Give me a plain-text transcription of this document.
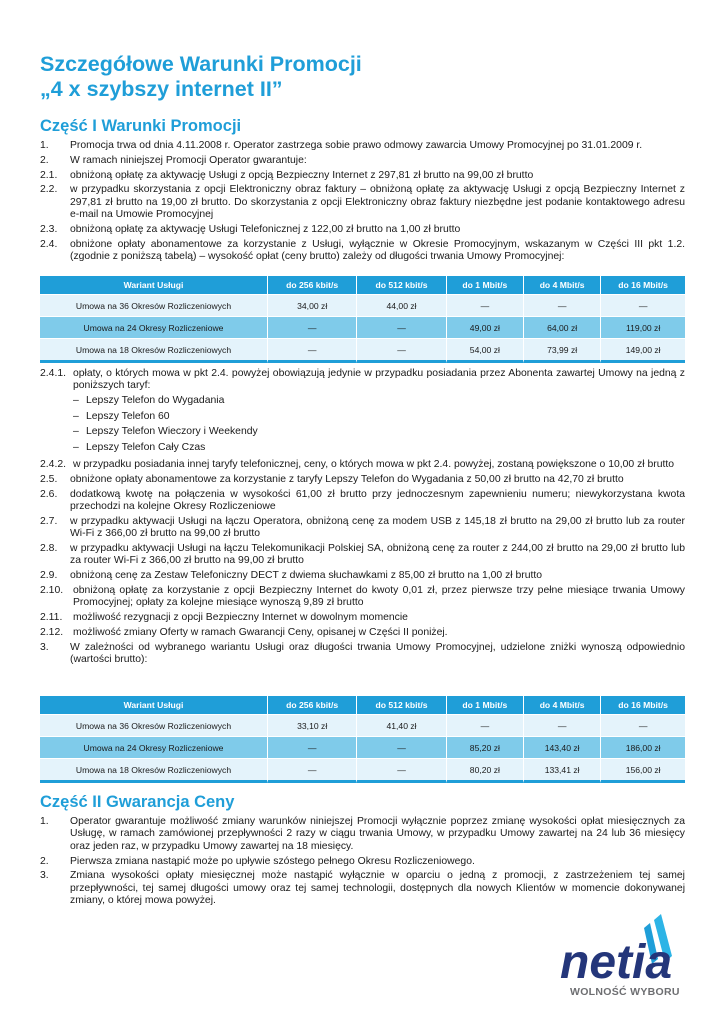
Szczegółowe Warunki Promocji
„4 x szybszy internet II”
Część I Warunki Promocji
1.	Promocja trwa od dnia 4.11.2008 r. Operator zastrzega sobie prawo odmowy zawarcia Umowy Promocyjnej po 31.01.2009 r.
2.	W ramach niniejszej Promocji Operator gwarantuje:
2.1.	obniżoną opłatę za aktywację Usługi z opcją Bezpieczny Internet z 297,81 zł brutto na 99,00 zł brutto
2.2.	w przypadku skorzystania z opcji Elektroniczny obraz faktury – obniżoną opłatę za aktywację Usługi z opcją Bezpieczny Internet z 297,81 zł brutto na 19,00 zł brutto. Do skorzystania z opcji Elektroniczny obraz faktury niezbędne jest podanie kontaktowego adresu e-mail na Umowie Promocyjnej
2.3.	obniżoną opłatę za aktywację Usługi Telefonicznej z 122,00 zł brutto na 1,00 zł brutto
2.4.	obniżone opłaty abonamentowe za korzystanie z Usługi, wyłącznie w Okresie Promocyjnym, wskazanym w Części III pkt 1.2. (zgodnie z poniższą tabelą) – wysokość opłat (ceny brutto) zależy od długości trwania Umowy Promocyjnej:
Wariant Usługi	do 256 kbit/s	do 512 kbit/s	do 1 Mbit/s	do 4 Mbit/s	do 16 Mbit/s
Umowa na 36 Okresów Rozliczeniowych	34,00 zł	44,00 zł	—	—	—
Umowa na 24 Okresy Rozliczeniowe	—	—	49,00 zł	64,00 zł	119,00 zł
Umowa na 18 Okresów Rozliczeniowych	—	—	54,00 zł	73,99 zł	149,00 zł
2.4.1. opłaty, o których mowa w pkt 2.4. powyżej obowiązują jedynie w przypadku posiadania przez Abonenta zawartej Umowy na jedną z poniższych taryf:
– Lepszy Telefon do Wygadania
– Lepszy Telefon 60
– Lepszy Telefon Wieczory i Weekendy
– Lepszy Telefon Cały Czas
2.4.2. w przypadku posiadania innej taryfy telefonicznej, ceny, o których mowa w pkt 2.4. powyżej, zostaną powiększone o 10,00 zł brutto
2.5.	obniżone opłaty abonamentowe za korzystanie z taryfy Lepszy Telefon do Wygadania z 50,00 zł brutto na 42,70 zł brutto
2.6.	dodatkową kwotę na połączenia w wysokości 61,00 zł brutto przy jednoczesnym zapewnieniu numeru; niewykorzystana kwota przechodzi na kolejne Okresy Rozliczeniowe
2.7.	w przypadku aktywacji Usługi na łączu Operatora, obniżoną cenę za modem USB z 145,18 zł brutto na 29,00 zł brutto lub za router Wi-Fi z 366,00 zł brutto na 99,00 zł brutto
2.8.	w przypadku aktywacji Usługi na łączu Telekomunikacji Polskiej SA, obniżoną cenę za router z 244,00 zł brutto na 29,00 zł brutto lub za router Wi-Fi z 366,00 zł brutto na 99,00 zł brutto
2.9.	obniżoną cenę za Zestaw Telefoniczny DECT z dwiema słuchawkami z 85,00 zł brutto na 1,00 zł brutto
2.10. obniżoną opłatę za korzystanie z opcji Bezpieczny Internet do kwoty 0,01 zł, przez pierwsze trzy pełne miesiące trwania Umowy Promocyjnej; opłaty za kolejne miesiące wynoszą 9,89 zł brutto
2.11.	możliwość rezygnacji z opcji Bezpieczny Internet w dowolnym momencie
2.12. możliwość zmiany Oferty w ramach Gwarancji Ceny, opisanej w Części II poniżej.
3.	W zależności od wybranego wariantu Usługi oraz długości trwania Umowy Promocyjnej, udzielone zniżki wynoszą odpowiednio (wartości brutto):
Wariant Usługi	do 256 kbit/s	do 512 kbit/s	do 1 Mbit/s	do 4 Mbit/s	do 16 Mbit/s
Umowa na 36 Okresów Rozliczeniowych	33,10 zł	41,40 zł	—	—	—
Umowa na 24 Okresy Rozliczeniowe	—	—	85,20 zł	143,40 zł	186,00 zł
Umowa na 18 Okresów Rozliczeniowych	—	—	80,20 zł	133,41 zł	156,00 zł
Część II Gwarancja Ceny
1.	Operator gwarantuje możliwość zmiany warunków niniejszej Promocji wyłącznie poprzez zmianę wysokości opłat miesięcznych za Usługę, w ramach zamówionej przepływności 2 razy w ciągu trwania Umowy, w przypadku Umowy zawartej na 24 lub 36 miesięcy oraz jeden raz, w przypadku Umowy zawartej na 18 miesięcy.
2.	Pierwsza zmiana nastąpić może po upływie szóstego pełnego Okresu Rozliczeniowego.
3.	Zmiana wysokości opłaty miesięcznej może nastąpić wyłącznie w oparciu o jedną z promocji, z zastrzeżeniem tej samej przepływności, tej samej długości umowy oraz tej samej technologii, dostępnych dla nowych Klientów w momencie dokonywanej zmiany, o której mowa powyżej.
netia
WOLNOŚĆ WYBORU
